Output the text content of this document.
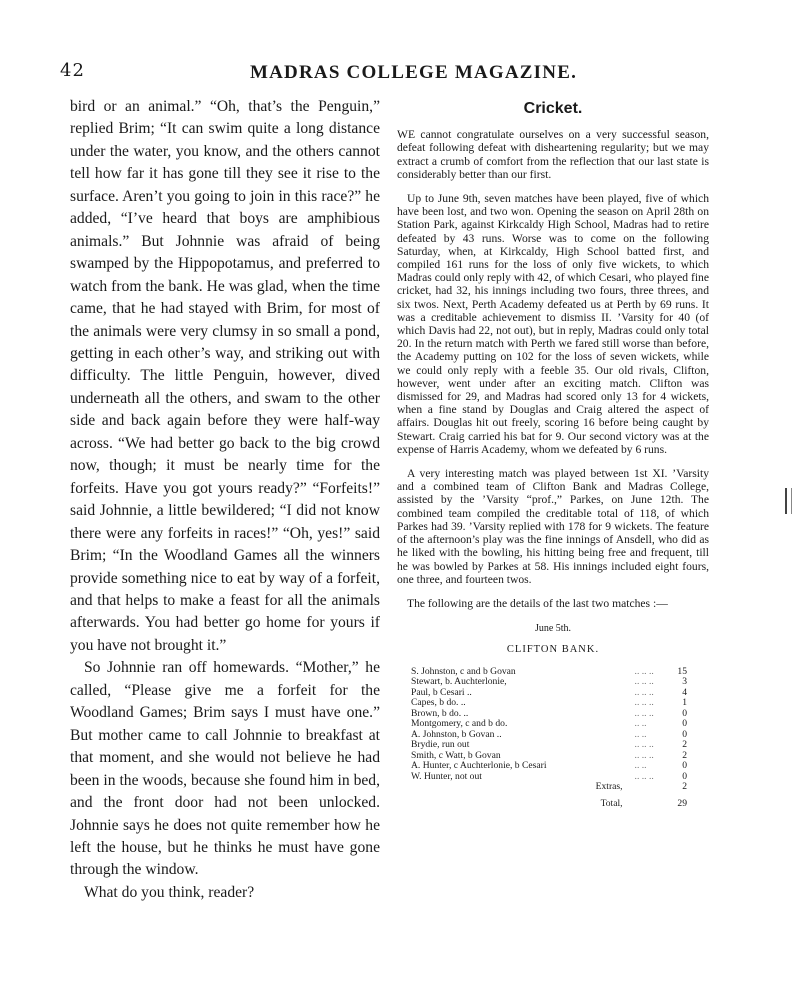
42	MADRAS COLLEGE MAGAZINE.

bird or an animal.” “Oh, that’s the Penguin,” replied Brim; “It can swim quite a long distance under the water, you know, and the others cannot tell how far it has gone till they see it rise to the surface. Aren’t you going to join in this race?” he added, “I’ve heard that boys are amphibious animals.” But Johnnie was afraid of being swamped by the Hippopotamus, and preferred to watch from the bank. He was glad, when the time came, that he had stayed with Brim, for most of the animals were very clumsy in so small a pond, getting in each other’s way, and striking out with difficulty. The little Penguin, however, dived underneath all the others, and swam to the other side and back again before they were half-way across. “We had better go back to the big crowd now, though; it must be nearly time for the forfeits. Have you got yours ready?” “Forfeits!” said Johnnie, a little bewildered; “I did not know there were any forfeits in races!” “Oh, yes!” said Brim; “In the Woodland Games all the winners provide something nice to eat by way of a forfeit, and that helps to make a feast for all the animals afterwards. You had better go home for yours if you have not brought it.”

So Johnnie ran off homewards. “Mother,” he called, “Please give me a forfeit for the Woodland Games; Brim says I must have one.” But mother came to call Johnnie to breakfast at that moment, and she would not believe he had been in the woods, because she found him in bed, and the front door had not been unlocked. Johnnie says he does not quite remember how he left the house, but he thinks he must have gone through the window.

What do you think, reader?

Cricket.

WE cannot congratulate ourselves on a very successful season, defeat following defeat with disheartening regularity; but we may extract a crumb of comfort from the reflection that our last state is considerably better than our first.

Up to June 9th, seven matches have been played, five of which have been lost, and two won. Opening the season on April 28th on Station Park, against Kirkcaldy High School, Madras had to retire defeated by 43 runs. Worse was to come on the following Saturday, when, at Kirkcaldy, High School batted first, and compiled 161 runs for the loss of only five wickets, to which Madras could only reply with 42, of which Cesari, who played fine cricket, had 32, his innings including two fours, three threes, and six twos. Next, Perth Academy defeated us at Perth by 69 runs. It was a creditable achievement to dismiss II. ’Varsity for 40 (of which Davis had 22, not out), but in reply, Madras could only total 20. In the return match with Perth we fared still worse than before, the Academy putting on 102 for the loss of seven wickets, while we could only reply with a feeble 35. Our old rivals, Clifton, however, went under after an exciting match. Clifton was dismissed for 29, and Madras had scored only 13 for 4 wickets, when a fine stand by Douglas and Craig altered the aspect of affairs. Douglas hit out freely, scoring 16 before being caught by Stewart. Craig carried his bat for 9. Our second victory was at the expense of Harris Academy, whom we defeated by 6 runs.

A very interesting match was played between 1st XI. ’Varsity and a combined team of Clifton Bank and Madras College, assisted by the ’Varsity “prof.,” Parkes, on June 12th. The combined team compiled the creditable total of 118, of which Parkes had 39. ’Varsity replied with 178 for 9 wickets. The feature of the afternoon’s play was the fine innings of Ansdell, who did as he liked with the bowling, his hitting being free and frequent, till he was bowled by Parkes at 58. His innings included eight fours, one three, and fourteen twos.

The following are the details of the last two matches :—

June 5th.
CLIFTON BANK.
S. Johnston, c and b Govan	.. .. ..	15
Stewart, b. Auchterlonie,	.. .. ..	3
Paul, b Cesari ..	.. .. ..	4
Capes, b do. ..	.. .. ..	1
Brown, b do. ..	.. .. ..	0
Montgomery, c and b do.	.. ..	0
A. Johnston, b Govan ..	.. ..	0
Brydie, run out	.. .. ..	2
Smith, c Watt, b Govan	.. .. ..	2
A. Hunter, c Auchterlonie, b Cesari	.. ..	0
W. Hunter, not out	.. .. ..	0
Extras,		2
Total,		29
